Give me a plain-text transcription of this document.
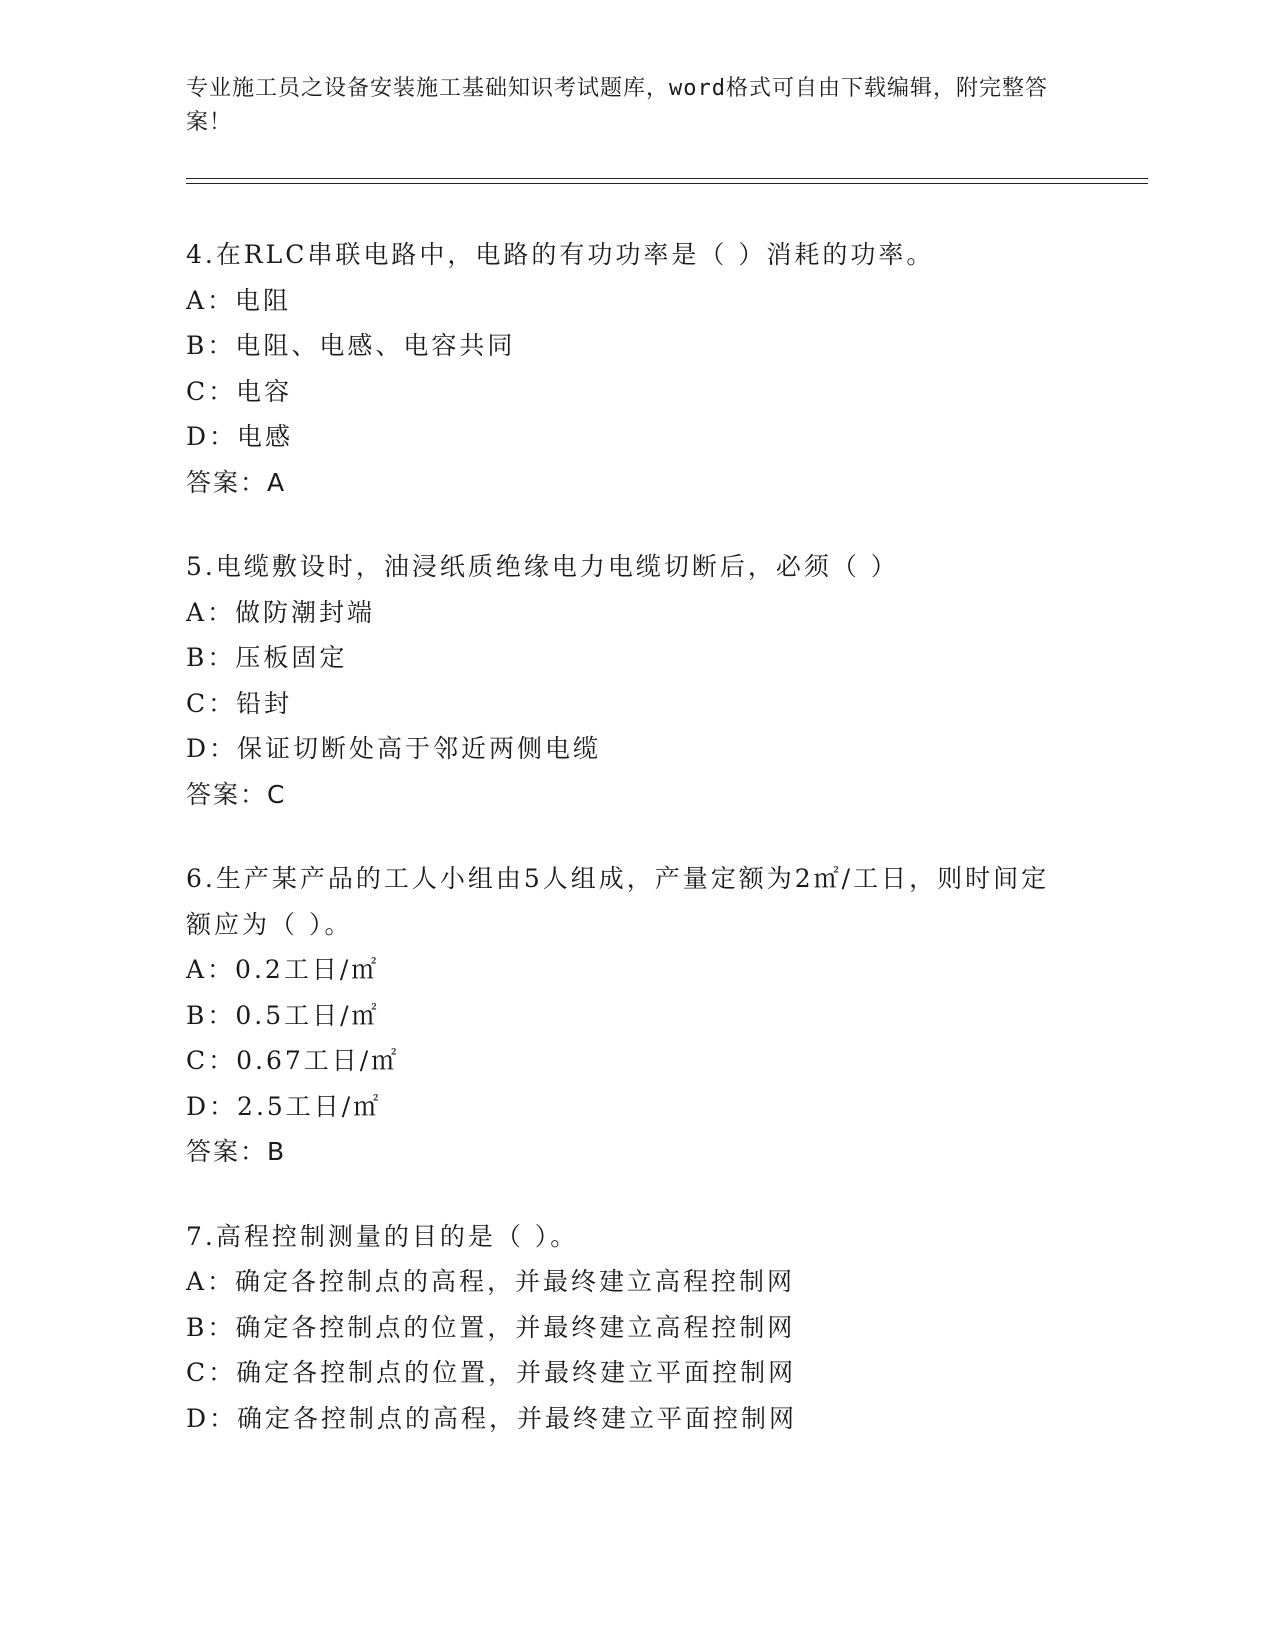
专业施工员之设备安装施工基础知识考试题库，word格式可自由下载编辑，附完整答案！
4.在RLC串联电路中，电路的有功功率是（ ）消耗的功率。
A：电阻
B：电阻、电感、电容共同
C：电容
D：电感
答案：A
5.电缆敷设时，油浸纸质绝缘电力电缆切断后，必须（ ）
A：做防潮封端
B：压板固定
C：铅封
D：保证切断处高于邻近两侧电缆
答案：C
6.生产某产品的工人小组由5人组成，产量定额为2㎡/工日，则时间定额应为（ ）。
A：0.2工日/㎡
B：0.5工日/㎡
C：0.67工日/㎡
D：2.5工日/㎡
答案：B
7.高程控制测量的目的是（ ）。
A：确定各控制点的高程，并最终建立高程控制网
B：确定各控制点的位置，并最终建立高程控制网
C：确定各控制点的位置，并最终建立平面控制网
D：确定各控制点的高程，并最终建立平面控制网
